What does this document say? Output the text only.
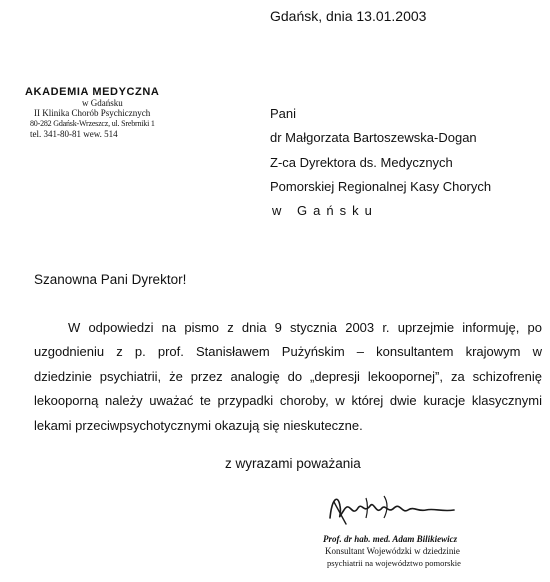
Gdańsk, dnia 13.01.2003
AKADEMIA MEDYCZNA
w Gdańsku
II Klinika Chorób Psychicznych
80-282 Gdańsk-Wrzeszcz, ul. Srebrniki 1
tel. 341-80-81 wew. 514
Pani
dr Małgorzata Bartoszewska-Dogan
Z-ca Dyrektora ds. Medycznych
Pomorskiej Regionalnej Kasy Chorych
w Gańsku
Szanowna Pani Dyrektor!
W odpowiedzi na pismo z dnia 9 stycznia 2003 r. uprzejmie informuję, po
uzgodnieniu z p. prof. Stanisławem Pużyńskim – konsultantem krajowym w
dziedzinie psychiatrii, że przez analogię do „depresji lekoopornej”, za schizofrenię
lekooporną należy uważać te przypadki choroby, w której dwie kuracje klasycznymi
lekami przeciwpsychotycznymi okazują się nieskuteczne.
z wyrazami poważania
Prof. dr hab. med. Adam Bilikiewicz
Konsultant Wojewódzki w dziedzinie
psychiatrii na województwo pomorskie
